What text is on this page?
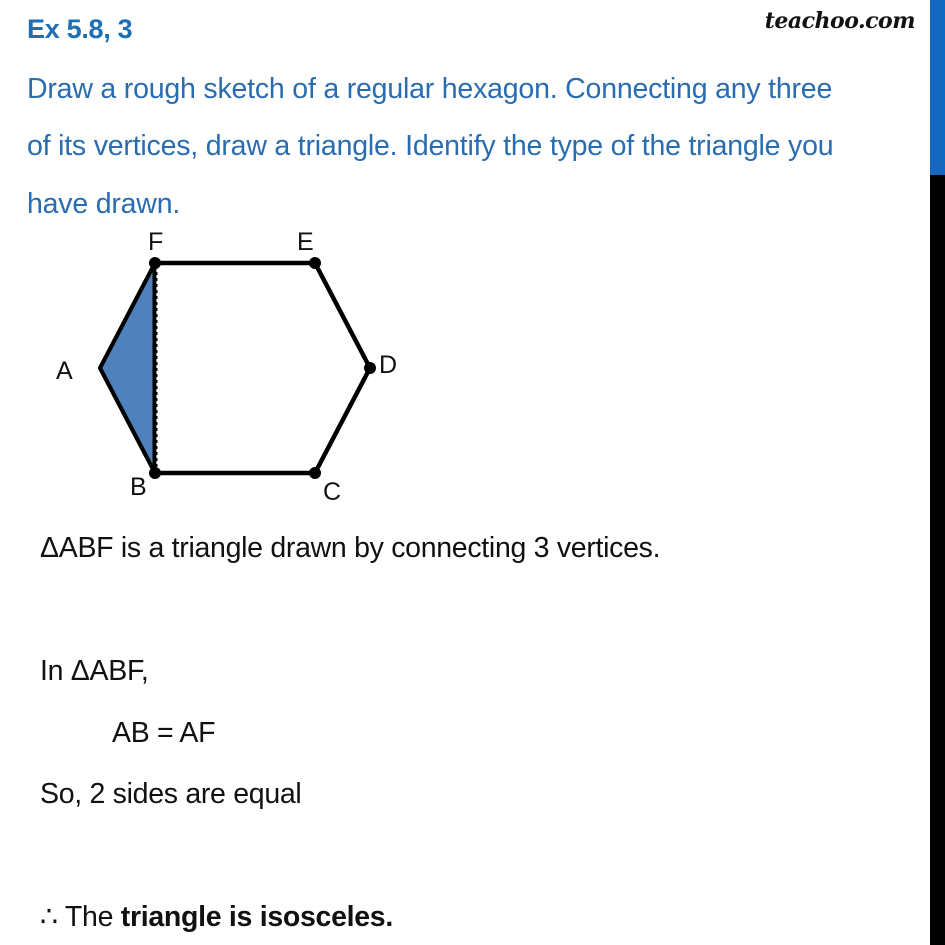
Ex 5.8, 3	teachoo.com
Draw a rough sketch of a regular hexagon. Connecting any three
of its vertices, draw a triangle. Identify the type of the triangle you
have drawn.
F	E
D
C
B
A
ΔABF is a triangle drawn by connecting 3 vertices.
In ΔABF,
AB = AF
So, 2 sides are equal
∴ The triangle is isosceles.
